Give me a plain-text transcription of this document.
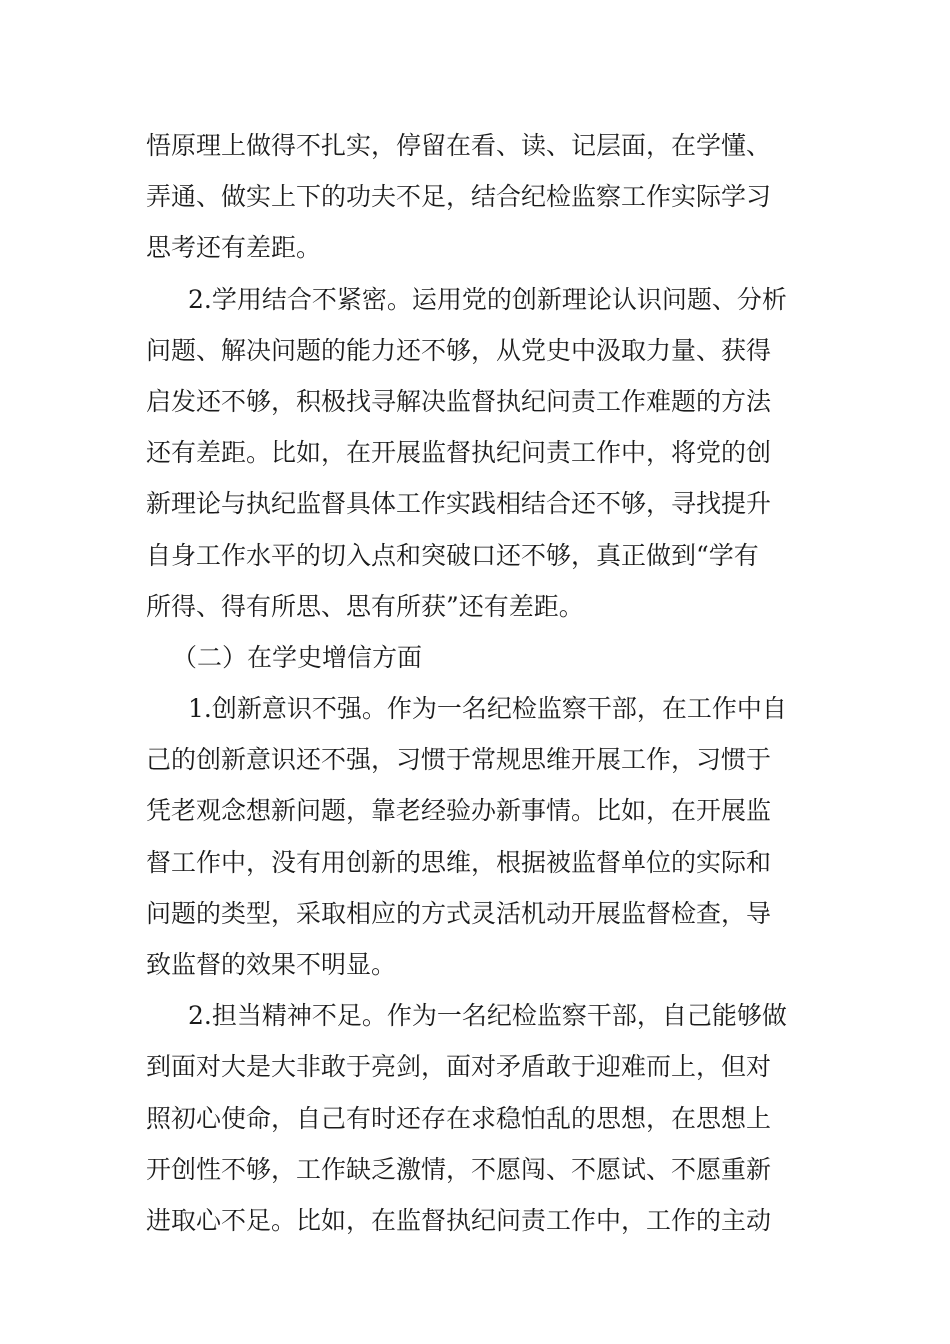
悟原理上做得不扎实，停留在看、读、记层面，在学懂、
弄通、做实上下的功夫不足，结合纪检监察工作实际学习
思考还有差距。
2.学用结合不紧密。运用党的创新理论认识问题、分析
问题、解决问题的能力还不够，从党史中汲取力量、获得
启发还不够，积极找寻解决监督执纪问责工作难题的方法
还有差距。比如，在开展监督执纪问责工作中，将党的创
新理论与执纪监督具体工作实践相结合还不够，寻找提升
自身工作水平的切入点和突破口还不够，真正做到“学有
所得、得有所思、思有所获”还有差距。
（二）在学史增信方面
1.创新意识不强。作为一名纪检监察干部，在工作中自
己的创新意识还不强，习惯于常规思维开展工作，习惯于
凭老观念想新问题，靠老经验办新事情。比如，在开展监
督工作中，没有用创新的思维，根据被监督单位的实际和
问题的类型，采取相应的方式灵活机动开展监督检查，导
致监督的效果不明显。
2.担当精神不足。作为一名纪检监察干部，自己能够做
到面对大是大非敢于亮剑，面对矛盾敢于迎难而上，但对
照初心使命，自己有时还存在求稳怕乱的思想，在思想上
开创性不够，工作缺乏激情，不愿闯、不愿试、不愿重新
进取心不足。比如，在监督执纪问责工作中，工作的主动
